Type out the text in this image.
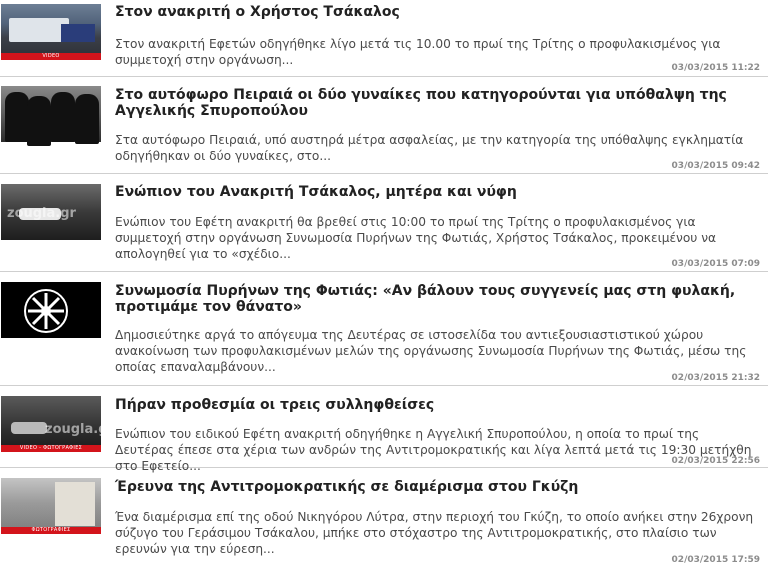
VIDEO
Στον ανακριτή ο Χρήστος Τσάκαλος

Στον ανακριτή Εφετών οδηγήθηκε λίγο μετά τις 10.00 το πρωί της Τρίτης ο προφυλακισμένος για συμμετοχή στην οργάνωση...

03/03/2015 11:22
Στο αυτόφωρο Πειραιά οι δύο γυναίκες που κατηγορούνται για υπόθαλψη της Αγγελικής Σπυροπούλου

Στα αυτόφωρο Πειραιά, υπό αυστηρά μέτρα ασφαλείας, με την κατηγορία της υπόθαλψης εγκληματία οδηγήθηκαν οι δύο γυναίκες, στο...

03/03/2015 09:42
zougla.gr
Ενώπιον του Ανακριτή Τσάκαλος, μητέρα και νύφη

Ενώπιον του Εφέτη ανακριτή θα βρεθεί στις 10:00 το πρωί της Τρίτης ο προφυλακισμένος για συμμετοχή στην οργάνωση Συνωμοσία Πυρήνων της Φωτιάς, Χρήστος Τσάκαλος, προκειμένου να απολογηθεί για το «σχέδιο...

03/03/2015 07:09
Συνωμοσία Πυρήνων της Φωτιάς: «Αν βάλουν τους συγγενείς μας στη φυλακή, προτιμάμε τον θάνατο»

Δημοσιεύτηκε αργά το απόγευμα της Δευτέρας σε ιστοσελίδα του αντιεξουσιαστιστικού χώρου ανακοίνωση των προφυλακισμένων μελών της οργάνωσης Συνωμοσία Πυρήνων της Φωτιάς, μέσω της οποίας επαναλαμβάνουν...

02/03/2015 21:32
zougla.gr
VIDEO - ΦΩΤΟΓΡΑΦΙΕΣ
Πήραν προθεσμία οι τρεις συλληφθείσες

Ενώπιον του ειδικού Εφέτη ανακριτή οδηγήθηκε η Αγγελική Σπυροπούλου, η οποία το πρωί της Δευτέρας έπεσε στα χέρια των ανδρών της Αντιτρομοκρατικής και λίγα λεπτά μετά τις 19:30 μετήχθη στο Εφετείο...	02/03/2015 22:56
ΦΩΤΟΓΡΑΦΙΕΣ
Έρευνα της Αντιτρομοκρατικής σε διαμέρισμα στου Γκύζη

Ένα διαμέρισμα επί της οδού Νικηγόρου Λύτρα, στην περιοχή του Γκύζη, το οποίο ανήκει στην 26χρονη σύζυγο του Γεράσιμου Τσάκαλου, μπήκε στο στόχαστρο της Αντιτρομοκρατικής, στο πλαίσιο των ερευνών για την εύρεση...

02/03/2015 17:59
